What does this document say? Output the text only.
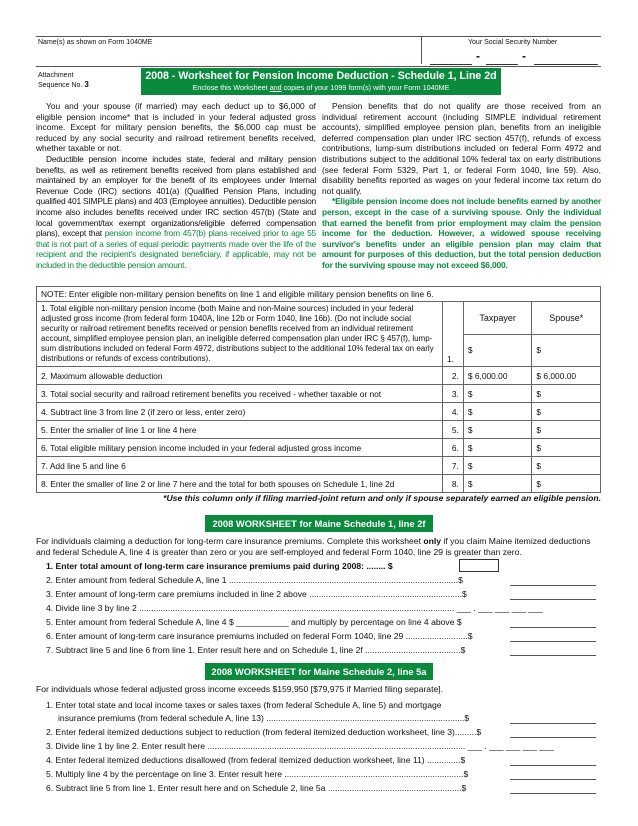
Name(s) as shown on Form 1040ME	Your Social Security Number
-	-
Attachment
Sequence No. 3
2008 - Worksheet for Pension Income Deduction - Schedule 1, Line 2d
Enclose this Worksheet and copies of your 1099 form(s) with your Form 1040ME

You and your spouse (if married) may each deduct up to $6,000 of eligible pension income* that is included in your federal adjusted gross income. Except for military pension benefits, the $6,000 cap must be reduced by any social security and railroad retirement benefits received, whether taxable or not.

Deductible pension income includes state, federal and military pension benefits, as well as retirement benefits received from plans established and maintained by an employer for the benefit of its employees under Internal Revenue Code (IRC) sections 401(a) (Qualified Pension Plans, including qualified 401 SIMPLE plans) and 403 (Employee annuities). Deductible pension income also includes benefits received under IRC section 457(b) (State and local government/tax exempt organizations/eligible deferred compensation plans), except that pension income from 457(b) plans received prior to age 55 that is not part of a series of equal periodic payments made over the life of the recipient and the recipient's designated beneficiary, if applicable, may not be included in the deductible pension amount.

Pension benefits that do not qualify are those received from an individual retirement account (including SIMPLE individual retirement accounts), simplified employee pension plan, benefits from an ineligible deferred compensation plan under IRC section 457(f), refunds of excess contributions, lump-sum distributions included on federal Form 4972 and distributions subject to the additional 10% federal tax on early distributions (see federal Form 5329, Part 1, or federal Form 1040, line 59). Also, disability benefits reported as wages on your federal income tax return do not qualify.

*Eligible pension income does not include benefits earned by another person, except in the case of a surviving spouse. Only the individual that earned the benefit from prior employment may claim the pension income for the deduction. However, a widowed spouse receiving survivor's benefits under an eligible pension plan may claim that amount for purposes of this deduction, but the total pension deduction for the surviving spouse may not exceed $6,000.

NOTE: Enter eligible non-military pension benefits on line 1 and eligible military pension benefits on line 6.			
1. Total eligible non-military pension income (both Maine and non-Maine sources) included in your federal adjusted gross income (from federal form 1040A, line 12b or Form 1040, line 16b). (Do not include social security or railroad retirement benefits received or pension benefits received from an individual retirement account, simplified employee pension plan, an ineligible deferred compensation plan under IRC § 457(f), lump-sum distributions included on federal Form 4972, distributions subject to the additional 10% federal tax on early distributions or refunds of excess contributions).	1.	Taxpayer	Spouse*
		$	$
2. Maximum allowable deduction	2.	$ 6,000.00	$ 6,000.00
3. Total social security and railroad retirement benefits you received - whether taxable or not	3.	$	$
4. Subtract line 3 from line 2 (if zero or less, enter zero)	4.	$	$
5. Enter the smaller of line 1 or line 4 here	5.	$	$
6. Total eligible military pension income included in your federal adjusted gross income	6.	$	$
7. Add line 5 and line 6	7.	$	$
8. Enter the smaller of line 2 or line 7 here and the total for both spouses on Schedule 1, line 2d	8.	$	$
*Use this column only if filing married-joint return and only if spouse separately earned an eligible pension.
2008 WORKSHEET for Maine Schedule 1, line 2f
For individuals claiming a deduction for long-term care insurance premiums. Complete this worksheet only if you claim Maine itemized deductions and federal Schedule A, line 4 is greater than zero or you are self-employed and federal Form 1040, line 29 is greater than zero.
1. Enter total amount of long-term care insurance premiums paid during 2008: ........ $
2. Enter amount from federal Schedule A, line 1 ................................................................................................$
3. Enter amount of long-term care premiums included in line 2 above ................................................................$
4. Divide line 3 by line 2 .................................................................................................................................... ___ . ___ ___ ___ ___
5. Enter amount from federal Schedule A, line 4 $ ___________ and multiply by percentage on line 4 above $
6. Enter amount of long-term care insurance premiums included on federal Form 1040, line 29 ..........................$
7. Subtract line 5 and line 6 from line 1. Enter result here and on Schedule 1, line 2f ........................................$
2008 WORKSHEET for Maine Schedule 2, line 5a
For individuals whose federal adjusted gross income exceeds $159,950 [$79,975 if Married filing separate].
1. Enter total state and local income taxes or sales taxes (from federal Schedule A, line 5) and mortgage
insurance premiums (from federal schedule A, line 13) ...................................................................................$
2. Enter federal itemized deductions subject to reduction (from federal itemized deduction worksheet, line 3).........$
3. Divide line 1 by line 2. Enter result here ............................................................................................................ ___ . ___ ___ ___ ___
4. Enter federal itemized deductions disallowed (from federal itemized deduction worksheet, line 11) ..............$
5. Multiply line 4 by the percentage on line 3. Enter result here ...........................................................................$
6. Subtract line 5 from line 1. Enter result here and on Schedule 2, line 5a ........................................................$
